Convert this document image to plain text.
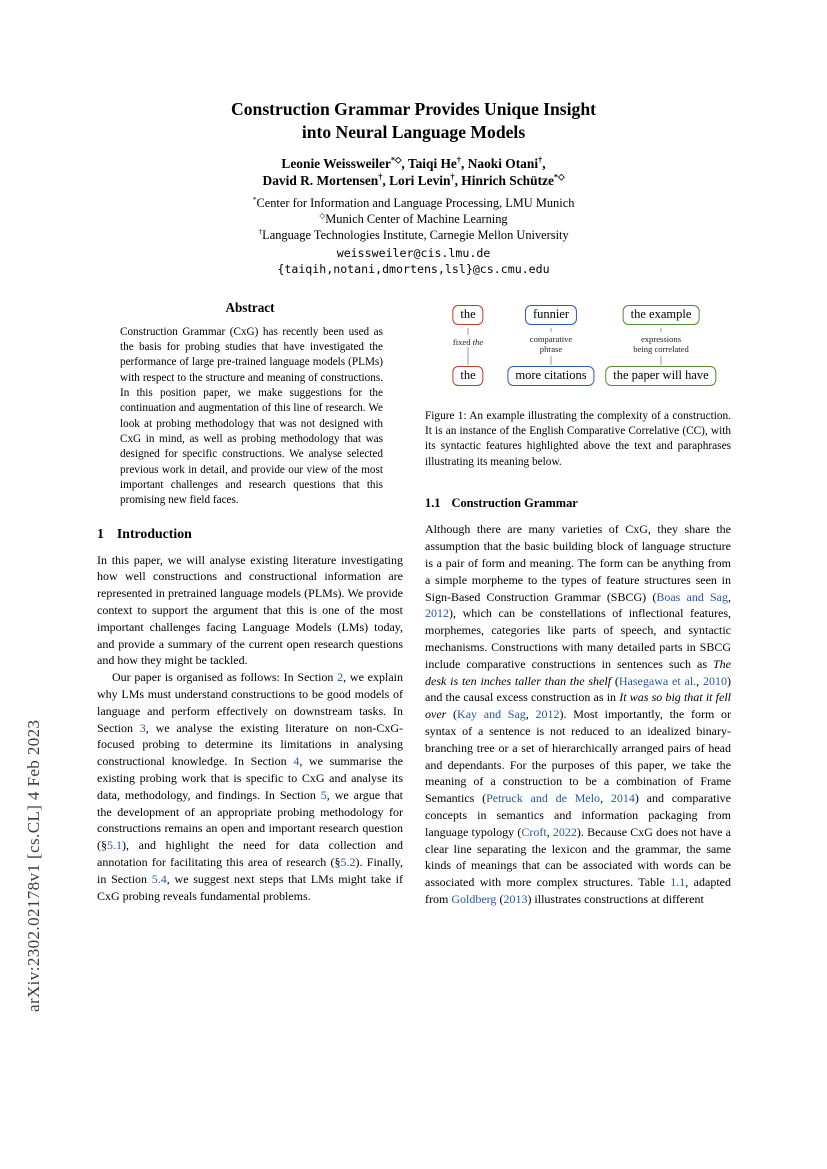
arXiv:2302.02178v1 [cs.CL] 4 Feb 2023
Construction Grammar Provides Unique Insight
into Neural Language Models
Leonie Weissweiler*◇, Taiqi He†, Naoki Otani†,
David R. Mortensen†, Lori Levin†, Hinrich Schütze*◇
*Center for Information and Language Processing, LMU Munich
◇Munich Center of Machine Learning
†Language Technologies Institute, Carnegie Mellon University
weissweiler@cis.lmu.de
{taiqih,notani,dmortens,lsl}@cs.cmu.edu
Abstract

Construction Grammar (CxG) has recently been used as the basis for probing studies that have investigated the performance of large pre-trained language models (PLMs) with respect to the structure and meaning of constructions. In this position paper, we make suggestions for the continuation and augmentation of this line of research. We look at probing methodology that was not designed with CxG in mind, as well as probing methodology that was designed for specific constructions. We analyse selected previous work in detail, and provide our view of the most important challenges and research questions that this promising new field faces.

1 Introduction

In this paper, we will analyse existing literature investigating how well constructions and constructional information are represented in pretrained language models (PLMs). We provide context to support the argument that this is one of the most important challenges facing Language Models (LMs) today, and provide a summary of the current open research questions and how they might be tackled.

Our paper is organised as follows: In Section 2, we explain why LMs must understand constructions to be good models of language and perform effectively on downstream tasks. In Section 3, we analyse the existing literature on non-CxG-focused probing to determine its limitations in analysing constructional knowledge. In Section 4, we summarise the existing probing work that is specific to CxG and analyse its data, methodology, and findings. In Section 5, we argue that the development of an appropriate probing methodology for constructions remains an open and important research question (§5.1), and highlight the need for data collection and annotation for facilitating this area of research (§5.2). Finally, in Section 5.4, we suggest next steps that LMs might take if CxG probing reveals fundamental problems.

the	funnier	the example
fixed the	comparative
phrase
expressions
being correlated
the	more citations	the paper will have
Figure 1: An example illustrating the complexity of a construction. It is an instance of the English Comparative Correlative (CC), with its syntactic features highlighted above the text and paraphrases illustrating its meaning below.
1.1 Construction Grammar

Although there are many varieties of CxG, they share the assumption that the basic building block of language structure is a pair of form and meaning. The form can be anything from a simple morpheme to the types of feature structures seen in Sign-Based Construction Grammar (SBCG) (Boas and Sag, 2012), which can be constellations of inflectional features, morphemes, categories like parts of speech, and syntactic mechanisms. Constructions with many detailed parts in SBCG include comparative constructions in sentences such as The desk is ten inches taller than the shelf (Hasegawa et al., 2010) and the causal excess construction as in It was so big that it fell over (Kay and Sag, 2012). Most importantly, the form or syntax of a sentence is not reduced to an idealized binary-branching tree or a set of hierarchically arranged pairs of head and dependants. For the purposes of this paper, we take the meaning of a construction to be a combination of Frame Semantics (Petruck and de Melo, 2014) and comparative concepts in semantics and information packaging from language typology (Croft, 2022). Because CxG does not have a clear line separating the lexicon and the grammar, the same kinds of meanings that can be associated with words can be associated with more complex structures. Table 1.1, adapted from Goldberg (2013) illustrates constructions at different
